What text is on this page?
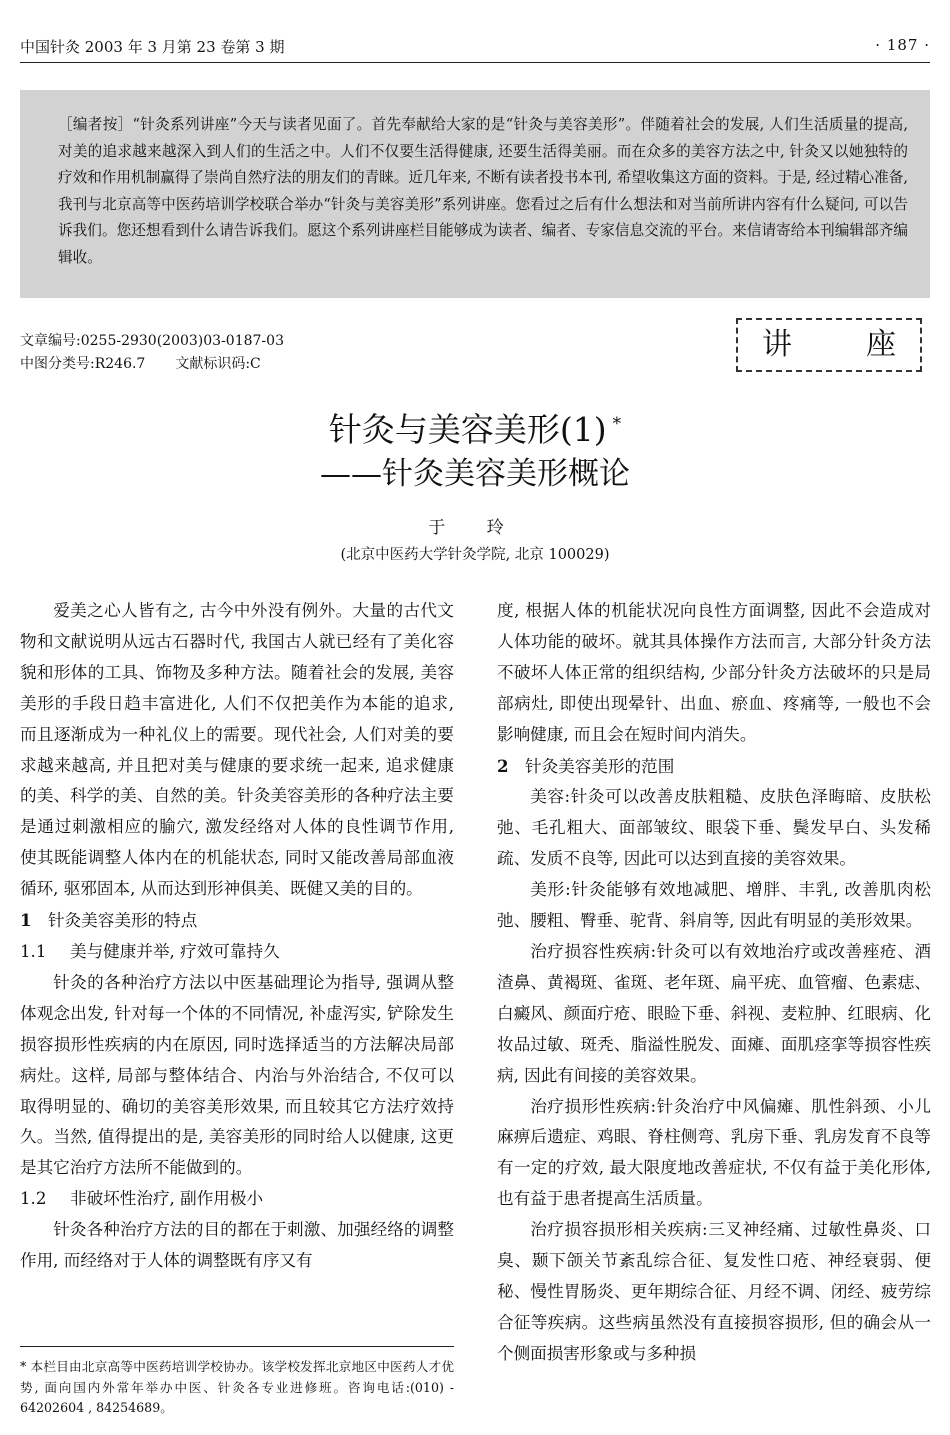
中国针灸 2003 年 3 月第 23 卷第 3 期	· 187 ·
［编者按］“针灸系列讲座”今天与读者见面了。首先奉献给大家的是“针灸与美容美形”。伴随着社会的发展, 人们生活质量的提高, 对美的追求越来越深入到人们的生活之中。人们不仅要生活得健康, 还要生活得美丽。而在众多的美容方法之中, 针灸又以她独特的疗效和作用机制赢得了崇尚自然疗法的朋友们的青睐。近几年来, 不断有读者投书本刊, 希望收集这方面的资料。于是, 经过精心准备, 我刊与北京高等中医药培训学校联合举办“针灸与美容美形”系列讲座。您看过之后有什么想法和对当前所讲内容有什么疑问, 可以告诉我们。您还想看到什么请告诉我们。愿这个系列讲座栏目能够成为读者、编者、专家信息交流的平台。来信请寄给本刊编辑部齐编辑收。
文章编号:0255-2930(2003)03-0187-03
中图分类号:R246.7 文献标识码:C
讲 座
针灸与美容美形(1) *
——针灸美容美形概论
于 玲
(北京中医药大学针灸学院, 北京 100029)

爱美之心人皆有之, 古今中外没有例外。大量的古代文物和文献说明从远古石器时代, 我国古人就已经有了美化容貌和形体的工具、饰物及多种方法。随着社会的发展, 美容美形的手段日趋丰富进化, 人们不仅把美作为本能的追求, 而且逐渐成为一种礼仪上的需要。现代社会, 人们对美的要求越来越高, 并且把对美与健康的要求统一起来, 追求健康的美、科学的美、自然的美。针灸美容美形的各种疗法主要是通过刺激相应的腧穴, 激发经络对人体的良性调节作用, 使其既能调整人体内在的机能状态, 同时又能改善局部血液循环, 驱邪固本, 从而达到形神俱美、既健又美的目的。

1 针灸美容美形的特点

1.1 美与健康并举, 疗效可靠持久

针灸的各种治疗方法以中医基础理论为指导, 强调从整体观念出发, 针对每一个体的不同情况, 补虚泻实, 铲除发生损容损形性疾病的内在原因, 同时选择适当的方法解决局部病灶。这样, 局部与整体结合、内治与外治结合, 不仅可以取得明显的、确切的美容美形效果, 而且较其它方法疗效持久。当然, 值得提出的是, 美容美形的同时给人以健康, 这更是其它治疗方法所不能做到的。

1.2 非破坏性治疗, 副作用极小

针灸各种治疗方法的目的都在于刺激、加强经络的调整作用, 而经络对于人体的调整既有序又有

* 本栏目由北京高等中医药培训学校协办。该学校发挥北京地区中医药人才优势, 面向国内外常年举办中医、针灸各专业进修班。咨询电话:(010) - 64202604 , 84254689。

度, 根据人体的机能状况向良性方面调整, 因此不会造成对人体功能的破坏。就其具体操作方法而言, 大部分针灸方法不破坏人体正常的组织结构, 少部分针灸方法破坏的只是局部病灶, 即使出现晕针、出血、瘀血、疼痛等, 一般也不会影响健康, 而且会在短时间内消失。

2 针灸美容美形的范围

美容:针灸可以改善皮肤粗糙、皮肤色泽晦暗、皮肤松弛、毛孔粗大、面部皱纹、眼袋下垂、鬓发早白、头发稀疏、发质不良等, 因此可以达到直接的美容效果。

美形:针灸能够有效地减肥、增胖、丰乳, 改善肌肉松弛、腰粗、臀垂、驼背、斜肩等, 因此有明显的美形效果。

治疗损容性疾病:针灸可以有效地治疗或改善痤疮、酒渣鼻、黄褐斑、雀斑、老年斑、扁平疣、血管瘤、色素痣、白癜风、颜面疔疮、眼睑下垂、斜视、麦粒肿、红眼病、化妆品过敏、斑秃、脂溢性脱发、面瘫、面肌痉挛等损容性疾病, 因此有间接的美容效果。

治疗损形性疾病:针灸治疗中风偏瘫、肌性斜颈、小儿麻痹后遗症、鸡眼、脊柱侧弯、乳房下垂、乳房发育不良等有一定的疗效, 最大限度地改善症状, 不仅有益于美化形体, 也有益于患者提高生活质量。

治疗损容损形相关疾病:三叉神经痛、过敏性鼻炎、口臭、颞下颌关节紊乱综合征、复发性口疮、神经衰弱、便秘、慢性胃肠炎、更年期综合征、月经不调、闭经、疲劳综合征等疾病。这些病虽然没有直接损容损形, 但的确会从一个侧面损害形象或与多种损
